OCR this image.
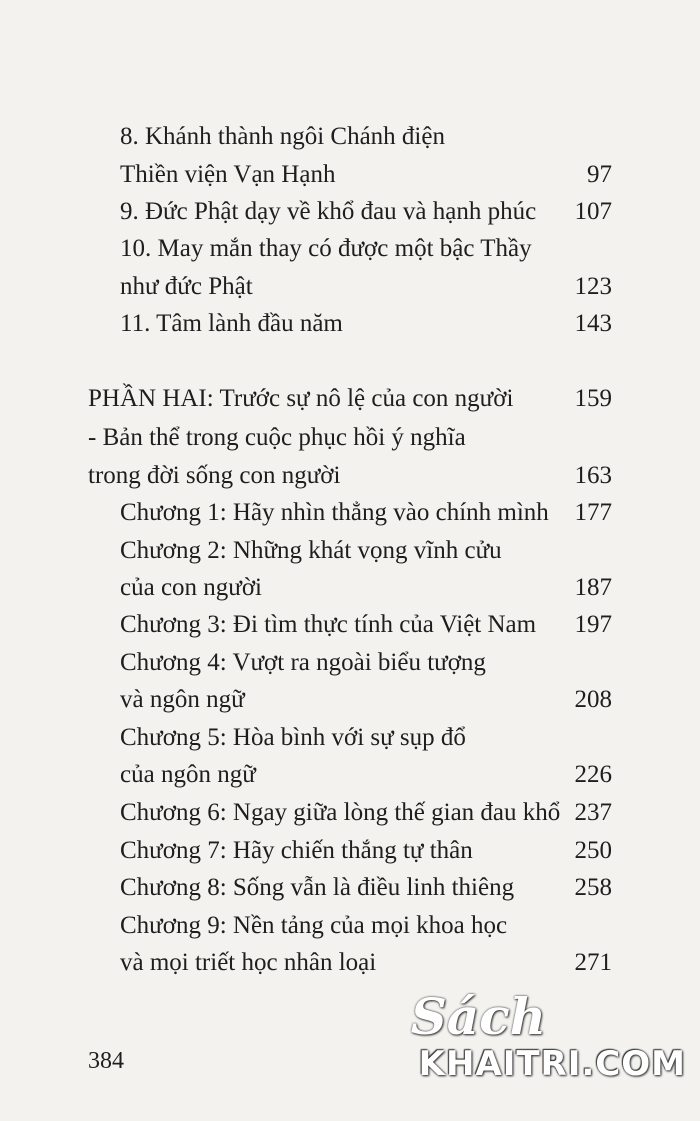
8. Khánh thành ngôi Chánh điện
Thiền viện Vạn Hạnh	97
9. Đức Phật dạy về khổ đau và hạnh phúc 107
10. May mắn thay có được một bậc Thầy
như đức Phật	123
11. Tâm lành đầu năm	143
PHẦN HAI: Trước sự nô lệ của con người 159
- Bản thể trong cuộc phục hồi ý nghĩa
trong đời sống con người	163
Chương 1: Hãy nhìn thẳng vào chính mình 177
Chương 2: Những khát vọng vĩnh cửu
của con người	187
Chương 3: Đi tìm thực tính của Việt Nam 197
Chương 4: Vượt ra ngoài biểu tượng
và ngôn ngữ	208
Chương 5: Hòa bình với sự sụp đổ
của ngôn ngữ	226
Chương 6: Ngay giữa lòng thế gian đau khổ 237
Chương 7: Hãy chiến thắng tự thân	250
Chương 8: Sống vẫn là điều linh thiêng 258
Chương 9: Nền tảng của mọi khoa học
và mọi triết học nhân loại	271
384
Sách
KHAITRI.COM
